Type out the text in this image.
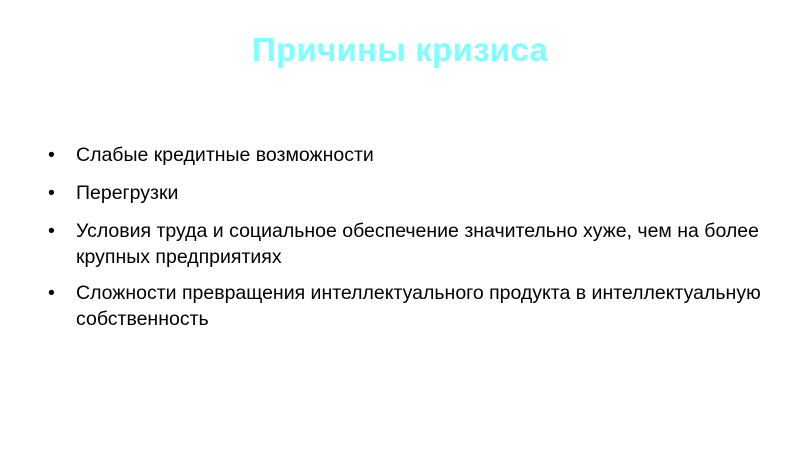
Причины кризиса
• Слабые кредитные возможности
• Перегрузки
• Условия труда и социальное обеспечение значительно хуже, чем на более крупных предприятиях
• Сложности превращения интеллектуального продукта в интеллектуальную собственность
